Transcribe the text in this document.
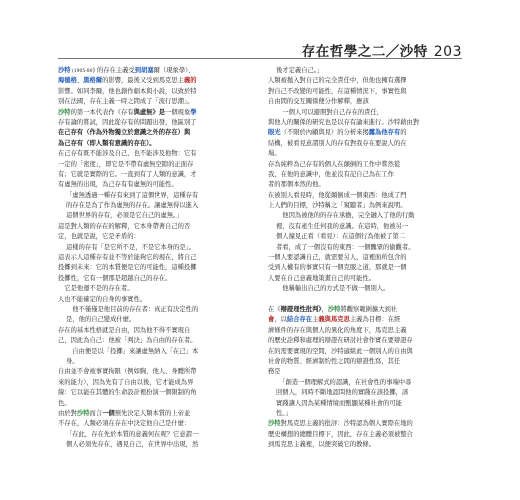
存在哲學之二／沙特 203
沙特 (1905-80) 的存在主義受到胡塞爾（現象學）、
海德格、黑格爾的影響，最後又受到馬克思主義的
影響。如同李爾，他也創作劇本與小說，以致於特
別在法國，存在主義一時之間成了「流行思潮」。
沙特的第一本代表作《存有與虛無》是一個現象學
存有論的嘗試，因此從存有的問題出發，他區別了
在己存有（作為外物獨立於意識之外的存在）與
為己存有（即人類有意識的存在）。
在己存有既不能涉及自己，也不能涉及他物：它有
一定的「密度」，即它是不帶有虛無空隙的正面存
有；它就是實際的它。一直到有了人類的意識，才
有虛無的出現，為己存有有虛無的可能性。
「虛無透過一種存有來到了這個世界，這種存有
的存在是為了作為虛無的存在。讓虛無得以進入
這個世界的存有，必須是它自己的虛無。」
這是對人類的存在的解釋，它本身帶著自己的否
定，也就是說，它是矛盾的：
這樣的存有「是它所不是，不是它本身的是」。
這表示人這種存有並不等於能夠它的現在，將自己
投擲到未來：它的本質便是它的可能性，這種投擲
投擲性，它有一個那是超越自己的存在。
　它是他運不是的存在者。
人也不能確定的自身的事實性。
　他不僅僅是他目前的存在者：真正有決定性的
是，他的自己變成什麼。
存在的基本性格就是自由，因為他不得不實現自
己，因此為自己：他被「判決」為自由的存在者。
　自由便是以「投擲」來讓虛無納入「在己」本
身。
自由並不會被事實拘限（例如胸、他人、身體所帶
來的能力），因為先有了自由以後，它才能成為界
線：它以能在其體的生命設計裡扮演一個限制的角
色。
由於對沙特而言一個預先決定人類本質的上帝並
不存在，人類必須在存在中決定他自己是什麼：
「在此，存在先於本質的意義何在呢？它意謂一
個人必須先存在，遇見自己，在世界中出現，然
後才定義自己。」
人類被拋入對自己的完全責任中，但他也擁有選擇
對自己不改變的可能性，在這種情況下，事實性與
自由間的交互關係便分作解釋，應該
　一個人可以避開對自己存在的責任，
與他人的關係的研究也是以存有論來進行。沙特藉由對
眼光（不限於內顧與見）的分析來揭露為他存有的
結構，被看見意謂別人的存有對我存在要說人的在
場。
存為純粹為己存有的個人在顛倒的工作中嘗然從
我，在他的意識中，他並沒有記自己為在工作
者的那個本然的他。
在被別人看見時，他從顛倒成一個東西：他成了門
上人們的目標，沙特稱之「窺聽者」為例來說明。
　他因為被他的的存在承擔，完全融入了他的行動
裡，沒有產生任何我的意識。在這時，他被另一
個人撞見正看（看見）：在這個行為他被了第二
者看，成了一個沒有的東西：一個醜眾的偷觀者。
一個人要認識自己，就需要另人，這裡面所包含的
受到人權有的事實只有一個克服之道，那就是一個
人要在自己意義地策畫自己的可能性。
　他稱輸出自己的方式是不做一個別人。

在《辯證理性批判》，沙特將觀察範圍擴大到社
會，以結合存在主義與馬克思主義為目標：在經
濟條件的存在與個人的異化的角度下，馬克思主義
的歷史詮釋和處理的辯證在研討社會作實在要辯證存
在的需要實現的空間，沙特適組此一個別人的自由與
社會的物質、經濟制約性之間的辯證性寫，其任
務是
　「創造一個理解式的認識，在社會性的事端中尋
回個人，同時不斷地認問他的實踐在該投擲，該
實踐讓人因為某種情境而甄顯某種社會的可能
性。」
沙特對馬克思主義的批評：沙特認為個人實際在地的
歷史構想的總體目標下，因此，存在主義必須被整合
到馬克思主義裡，以便突破它的教條。
